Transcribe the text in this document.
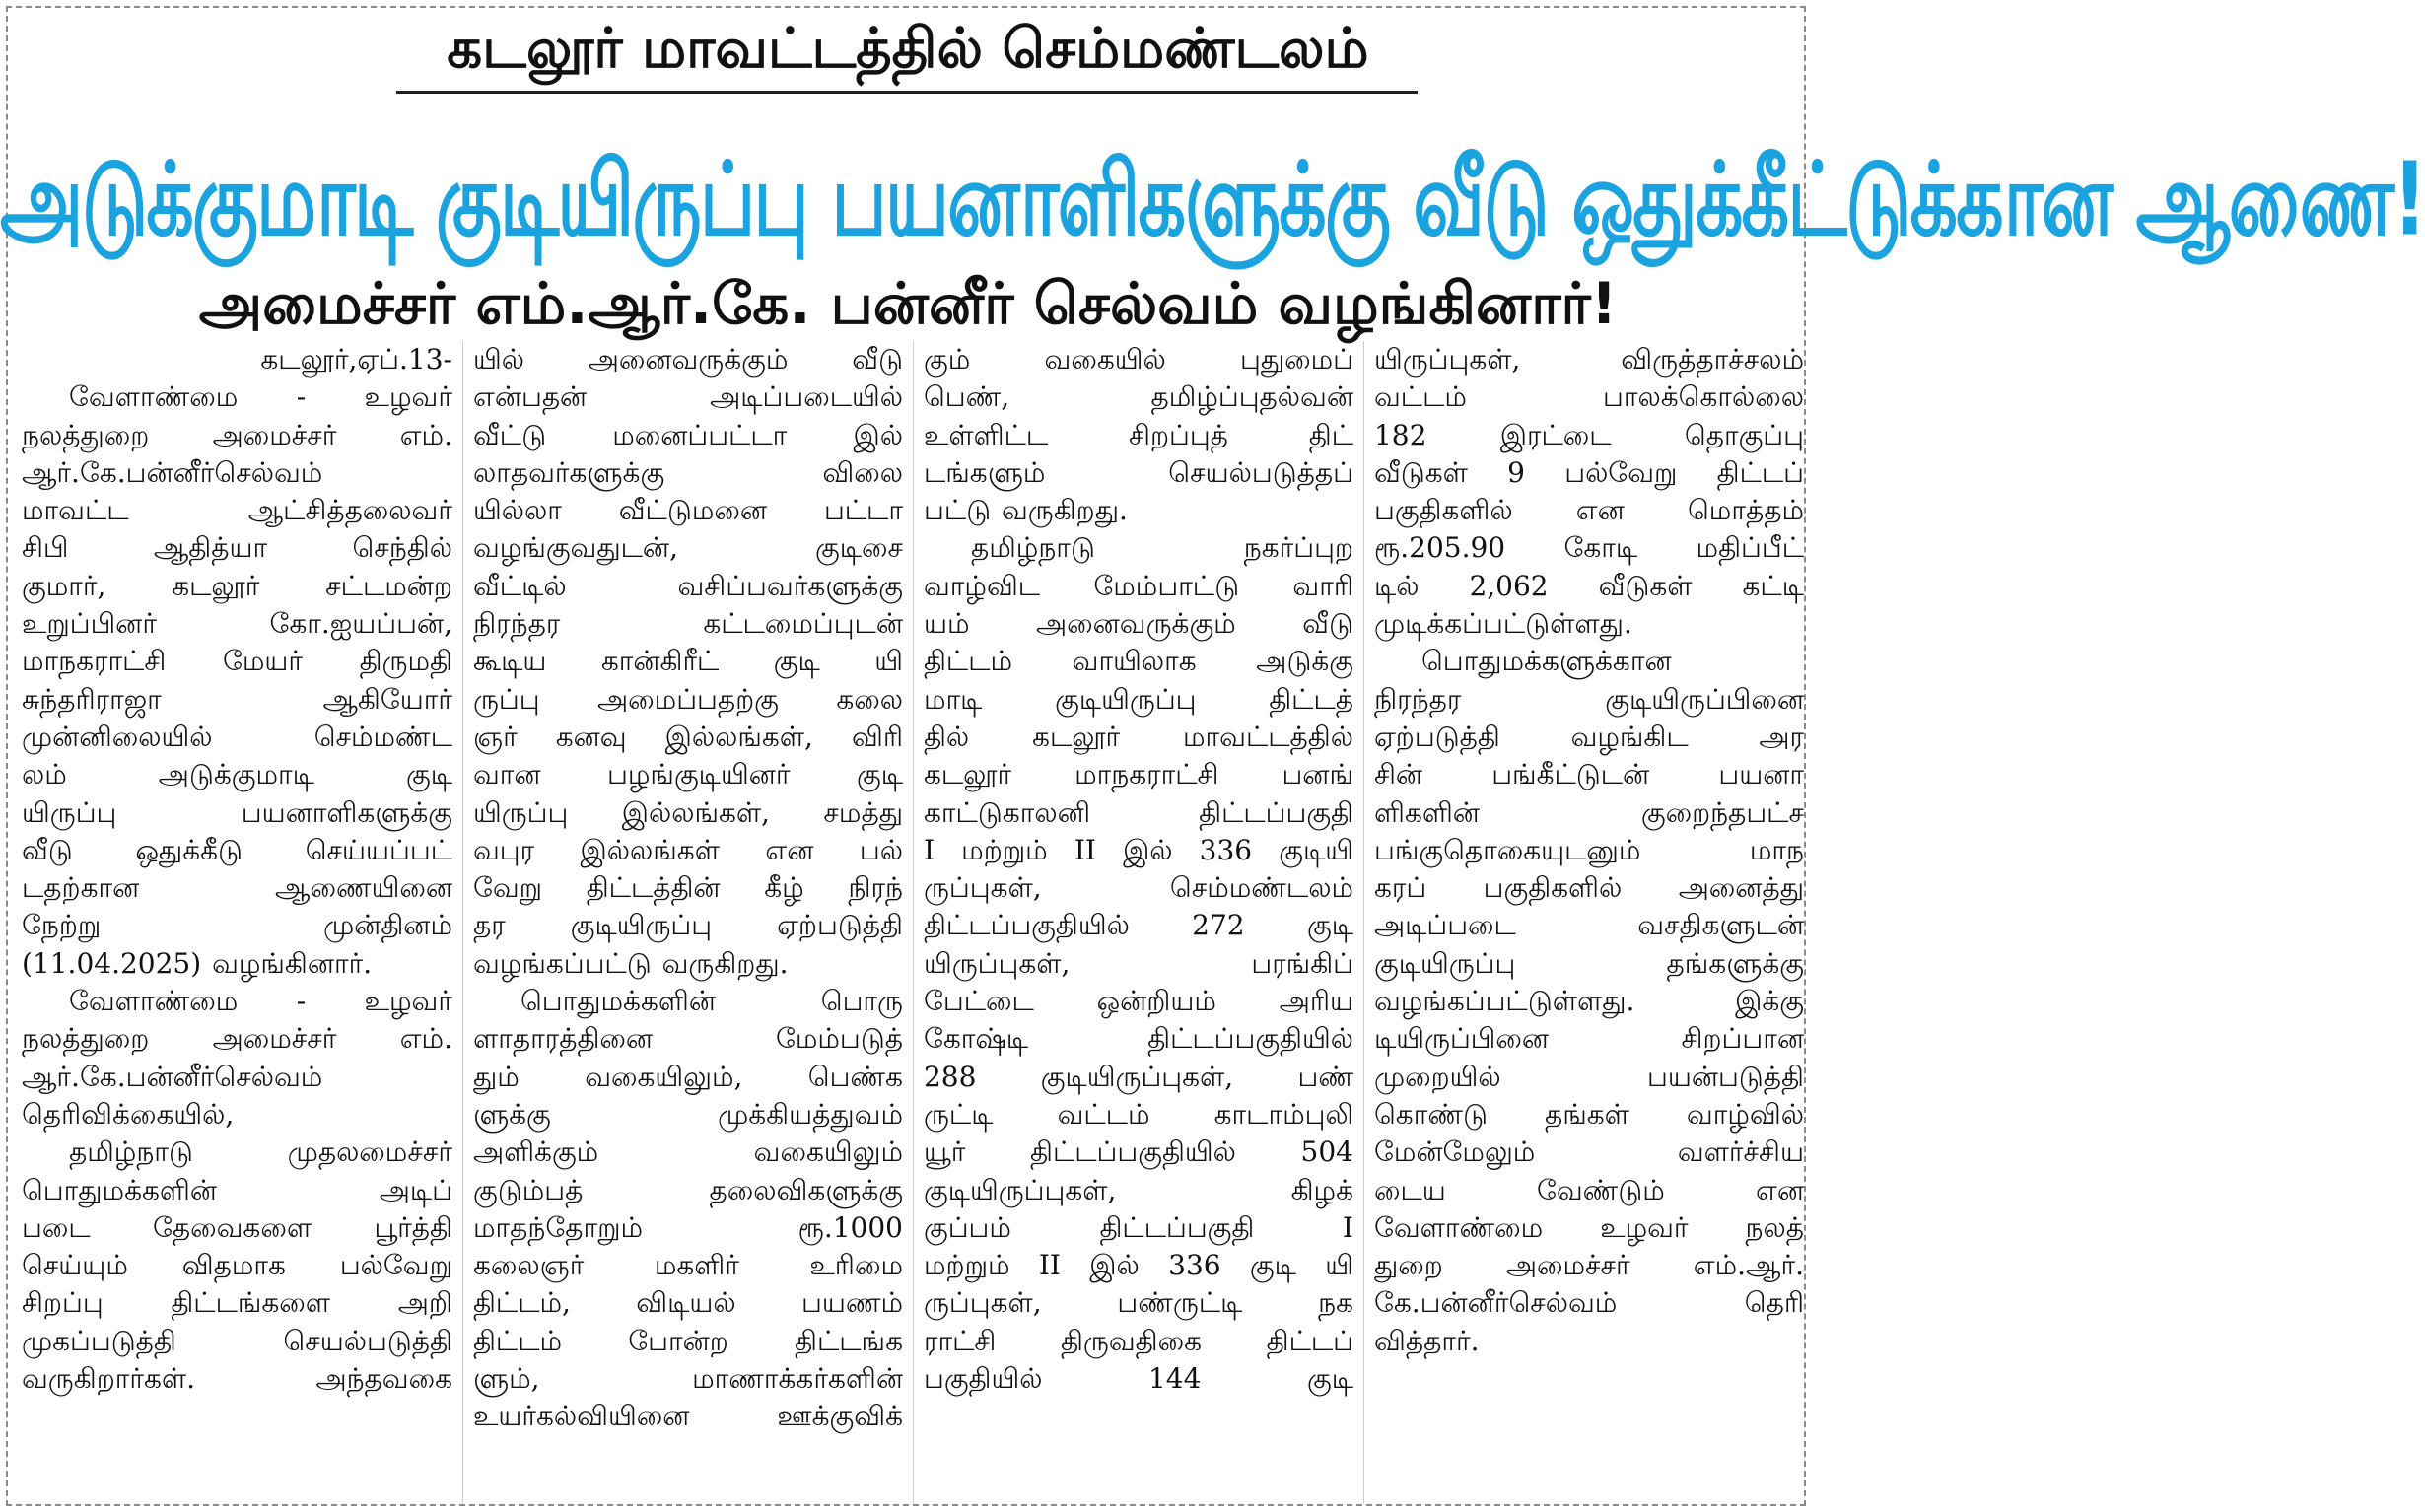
கடலூர் மாவட்டத்தில் செம்மண்டலம்
அடுக்குமாடி குடியிருப்பு பயனாளிகளுக்கு வீடு ஒதுக்கீட்டுக்கான ஆணை!
அமைச்சர் எம்.ஆர்.கே. பன்னீர் செல்வம் வழங்கினார்!
கடலூர்,ஏப்.13-
வேளாண்மை - உழவர்
நலத்துறை அமைச்சர் எம்.
ஆர்.கே.பன்னீர்செல்வம்
மாவட்ட ஆட்சித்தலைவர்
சிபி ஆதித்யா செந்தில்
குமார், கடலூர் சட்டமன்ற
உறுப்பினர் கோ.ஐயப்பன்,
மாநகராட்சி மேயர் திருமதி
சுந்தரிராஜா ஆகியோர்
முன்னிலையில் செம்மண்ட
லம் அடுக்குமாடி குடி
யிருப்பு பயனாளிகளுக்கு
வீடு ஒதுக்கீடு செய்யப்பட்
டதற்கான ஆணையினை
நேற்று முன்தினம்
(11.04.2025) வழங்கினார்.
வேளாண்மை - உழவர்
நலத்துறை அமைச்சர் எம்.
ஆர்.கே.பன்னீர்செல்வம்
தெரிவிக்கையில்,
தமிழ்நாடு முதலமைச்சர்
பொதுமக்களின் அடிப்
படை தேவைகளை பூர்த்தி
செய்யும் விதமாக பல்வேறு
சிறப்பு திட்டங்களை அறி
முகப்படுத்தி செயல்படுத்தி
வருகிறார்கள். அந்தவகை
யில் அனைவருக்கும் வீடு
என்பதன் அடிப்படையில்
வீட்டு மனைப்பட்டா இல்
லாதவர்களுக்கு விலை
யில்லா வீட்டுமனை பட்டா
வழங்குவதுடன், குடிசை
வீட்டில் வசிப்பவர்களுக்கு
நிரந்தர கட்டமைப்புடன்
கூடிய கான்கிரீட் குடி யி
ருப்பு அமைப்பதற்கு கலை
ஞர் கனவு இல்லங்கள், விரி
வான பழங்குடியினர் குடி
யிருப்பு இல்லங்கள், சமத்து
வபுர இல்லங்கள் என பல்
வேறு திட்டத்தின் கீழ் நிரந்
தர குடியிருப்பு ஏற்படுத்தி
வழங்கப்பட்டு வருகிறது.
பொதுமக்களின் பொரு
ளாதாரத்தினை மேம்படுத்
தும் வகையிலும், பெண்க
ளுக்கு முக்கியத்துவம்
அளிக்கும் வகையிலும்
குடும்பத் தலைவிகளுக்கு
மாதந்தோறும் ரூ.1000
கலைஞர் மகளிர் உரிமை
திட்டம், விடியல் பயணம்
திட்டம் போன்ற திட்டங்க
ளும், மாணாக்கர்களின்
உயர்கல்வியினை ஊக்குவிக்
கும் வகையில் புதுமைப்
பெண், தமிழ்ப்புதல்வன்
உள்ளிட்ட சிறப்புத் திட்
டங்களும் செயல்படுத்தப்
பட்டு வருகிறது.
தமிழ்நாடு நகர்ப்புற
வாழ்விட மேம்பாட்டு வாரி
யம் அனைவருக்கும் வீடு
திட்டம் வாயிலாக அடுக்கு
மாடி குடியிருப்பு திட்டத்
தில் கடலூர் மாவட்டத்தில்
கடலூர் மாநகராட்சி பனங்
காட்டுகாலனி திட்டப்பகுதி
I மற்றும் II இல் 336 குடியி
ருப்புகள், செம்மண்டலம்
திட்டப்பகுதியில் 272 குடி
யிருப்புகள், பரங்கிப்
பேட்டை ஒன்றியம் அரிய
கோஷ்டி திட்டப்பகுதியில்
288 குடியிருப்புகள், பண்
ருட்டி வட்டம் காடாம்புலி
யூர் திட்டப்பகுதியில் 504
குடியிருப்புகள், கிழக்
குப்பம் திட்டப்பகுதி I
மற்றும் II இல் 336 குடி யி
ருப்புகள், பண்ருட்டி நக
ராட்சி திருவதிகை திட்டப்
பகுதியில் 144 குடி
யிருப்புகள், விருத்தாச்சலம்
வட்டம் பாலக்கொல்லை
182 இரட்டை தொகுப்பு
வீடுகள் 9 பல்வேறு திட்டப்
பகுதிகளில் என மொத்தம்
ரூ.205.90 கோடி மதிப்பீட்
டில் 2,062 வீடுகள் கட்டி
முடிக்கப்பட்டுள்ளது.
பொதுமக்களுக்கான
நிரந்தர குடியிருப்பினை
ஏற்படுத்தி வழங்கிட அர
சின் பங்கீட்டுடன் பயனா
ளிகளின் குறைந்தபட்ச
பங்குதொகையுடனும் மாந
கரப் பகுதிகளில் அனைத்து
அடிப்படை வசதிகளுடன்
குடியிருப்பு தங்களுக்கு
வழங்கப்பட்டுள்ளது. இக்கு
டியிருப்பினை சிறப்பான
முறையில் பயன்படுத்தி
கொண்டு தங்கள் வாழ்வில்
மேன்மேலும் வளர்ச்சிய
டைய வேண்டும் என
வேளாண்மை உழவர் நலத்
துறை அமைச்சர் எம்.ஆர்.
கே.பன்னீர்செல்வம் தெரி
வித்தார்.
